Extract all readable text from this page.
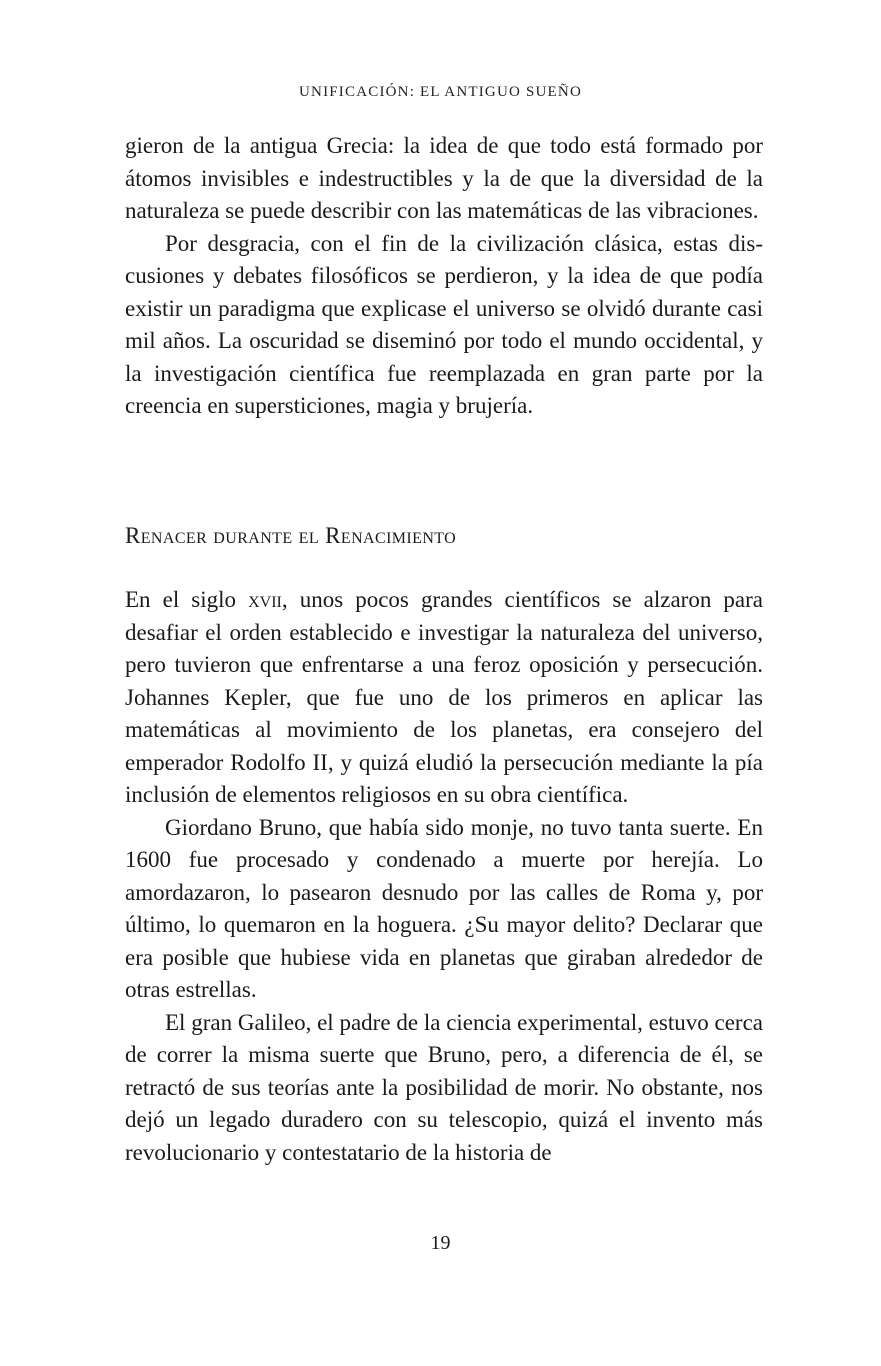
UNIFICACIÓN: EL ANTIGUO SUEÑO

gieron de la antigua Grecia: la idea de que todo está formado por átomos invisibles e indestructibles y la de que la diversidad de la naturaleza se puede describir con las matemáticas de las vibraciones.

Por desgracia, con el fin de la civilización clásica, estas discusiones y debates filosóficos se perdieron, y la idea de que podía existir un paradigma que explicase el universo se olvidó durante casi mil años. La oscuridad se diseminó por todo el mundo occidental, y la investigación científica fue reemplazada en gran parte por la creencia en supersticiones, magia y brujería.

Renacer durante el Renacimiento

En el siglo xvii, unos pocos grandes científicos se alzaron para desafiar el orden establecido e investigar la naturaleza del universo, pero tuvieron que enfrentarse a una feroz oposición y persecución. Johannes Kepler, que fue uno de los primeros en aplicar las matemáticas al movimiento de los planetas, era consejero del emperador Rodolfo II, y quizá eludió la persecución mediante la pía inclusión de elementos religiosos en su obra científica.

Giordano Bruno, que había sido monje, no tuvo tanta suerte. En 1600 fue procesado y condenado a muerte por herejía. Lo amordazaron, lo pasearon desnudo por las calles de Roma y, por último, lo quemaron en la hoguera. ¿Su mayor delito? Declarar que era posible que hubiese vida en planetas que giraban alrededor de otras estrellas.

El gran Galileo, el padre de la ciencia experimental, estuvo cerca de correr la misma suerte que Bruno, pero, a diferencia de él, se retractó de sus teorías ante la posibilidad de morir. No obstante, nos dejó un legado duradero con su telescopio, quizá el invento más revolucionario y contestatario de la historia de

19
